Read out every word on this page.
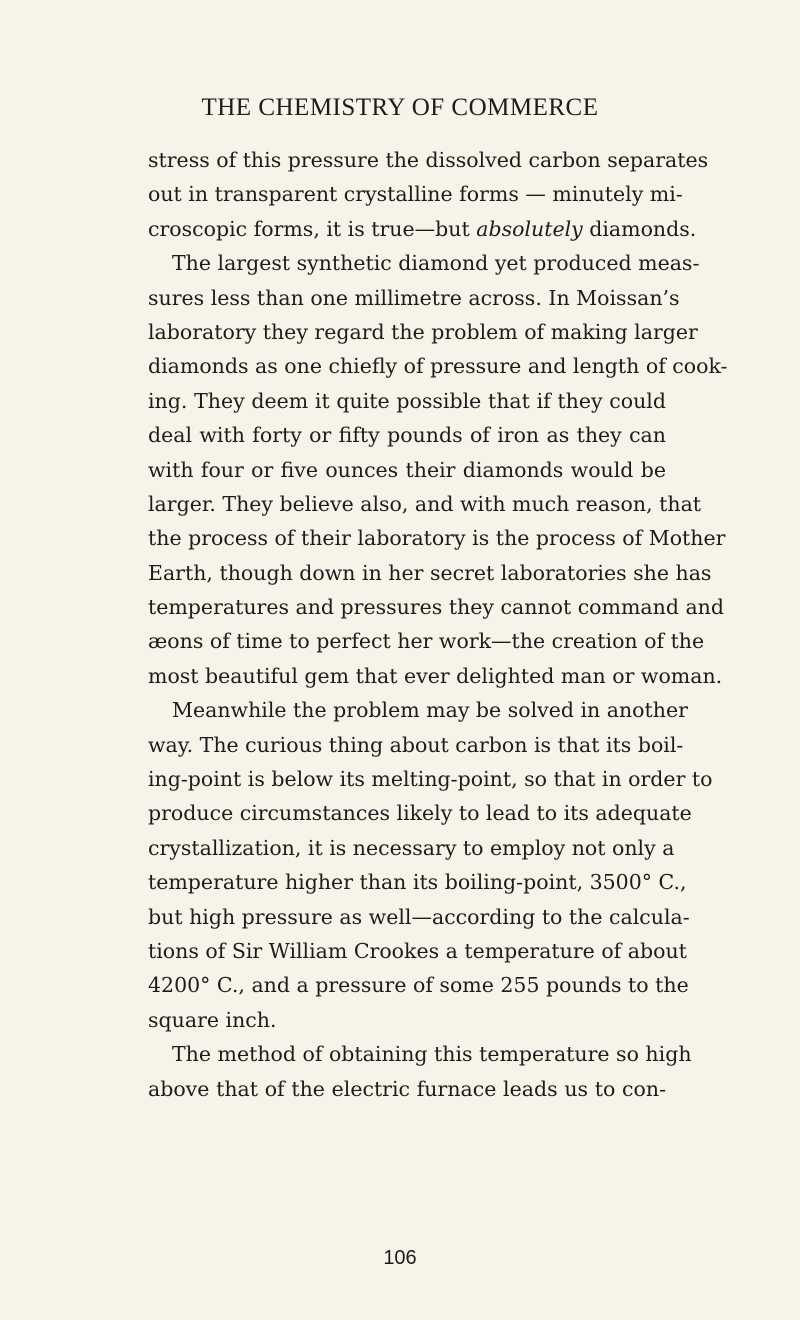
THE CHEMISTRY OF COMMERCE
stress of this pressure the dissolved carbon separates
out in transparent crystalline forms — minutely mi-
croscopic forms, it is true—but absolutely diamonds.
The largest synthetic diamond yet produced meas-
sures less than one millimetre across. In Moissan’s
laboratory they regard the problem of making larger
diamonds as one chiefly of pressure and length of cook-
ing. They deem it quite possible that if they could
deal with forty or fifty pounds of iron as they can
with four or five ounces their diamonds would be
larger. They believe also, and with much reason, that
the process of their laboratory is the process of Mother
Earth, though down in her secret laboratories she has
temperatures and pressures they cannot command and
æons of time to perfect her work—the creation of the
most beautiful gem that ever delighted man or woman.
Meanwhile the problem may be solved in another
way. The curious thing about carbon is that its boil-
ing-point is below its melting-point, so that in order to
produce circumstances likely to lead to its adequate
crystallization, it is necessary to employ not only a
temperature higher than its boiling-point, 3500° C.,
but high pressure as well—according to the calcula-
tions of Sir William Crookes a temperature of about
4200° C., and a pressure of some 255 pounds to the
square inch.
The method of obtaining this temperature so high
above that of the electric furnace leads us to con-
106
